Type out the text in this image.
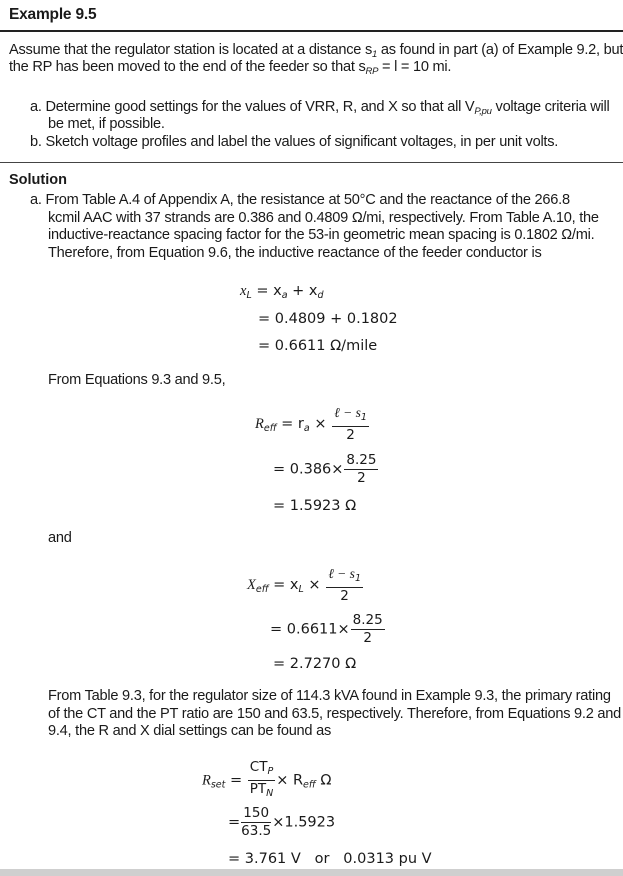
Example 9.5
Assume that the regulator station is located at a distance $s_1$ as found in part (a) of Example 9.2, but
the RP has been moved to the end of the feeder so that $s_{RP} = l = 10$ mi.
a. Determine good settings for the values of VRR, R, and X so that all $V_{P,pu}$ voltage criteria will
be met, if possible.
b. Sketch voltage profiles and label the values of significant voltages, in per unit volts.
Solution
a. From Table A.4 of Appendix A, the resistance at 50°C and the reactance of the 266.8
kcmil AAC with 37 strands are 0.386 and 0.4809 Ω/mi, respectively. From Table A.10, the
inductive-reactance spacing factor for the 53-in geometric mean spacing is 0.1802 Ω/mi.
Therefore, from Equation 9.6, the inductive reactance of the feeder conductor is
$x_L = x_a + x_d$
= 0.4809 + 0.1802
= 0.6611 Ω/mile
From Equations 9.3 and 9.5,
$R_{eff} = r_a \times \frac{\ell - s_1}{2}$
= $0.386\times \frac{8.25}{2}$
= 1.5923 Ω
and
$X_{eff} = x_L \times \frac{\ell - s_1}{2}$
= $0.6611\times \frac{8.25}{2}$
= 2.7270 Ω
From Table 9.3, for the regulator size of 114.3 kVA found in Example 9.3, the primary rating
of the CT and the PT ratio are 150 and 63.5, respectively. Therefore, from Equations 9.2 and
9.4, the R and X dial settings can be found as
$R_{set} = \frac{CT_P}{PT_N} \times R_{eff}$ Ω
= $\frac{150}{63.5} \times 1.5923$
= 3.761 V   or   0.0313 pu V
